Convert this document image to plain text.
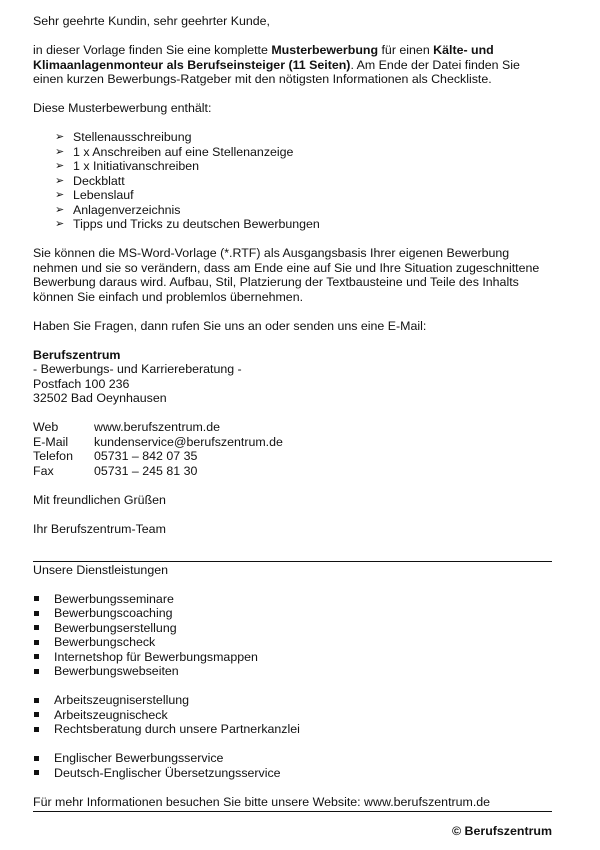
Sehr geehrte Kundin, sehr geehrter Kunde,

in dieser Vorlage finden Sie eine komplette Musterbewerbung für einen Kälte- und Klimaanlagenmonteur als Berufseinsteiger (11 Seiten). Am Ende der Datei finden Sie einen kurzen Bewerbungs-Ratgeber mit den nötigsten Informationen als Checkliste.

Diese Musterbewerbung enthält:

➢ Stellenausschreibung
➢ 1 x Anschreiben auf eine Stellenanzeige
➢ 1 x Initiativanschreiben
➢ Deckblatt
➢ Lebenslauf
➢ Anlagenverzeichnis
➢ Tipps und Tricks zu deutschen Bewerbungen

Sie können die MS-Word-Vorlage (*.RTF) als Ausgangsbasis Ihrer eigenen Bewerbung nehmen und sie so verändern, dass am Ende eine auf Sie und Ihre Situation zugeschnittene Bewerbung daraus wird. Aufbau, Stil, Platzierung der Textbausteine und Teile des Inhalts können Sie einfach und problemlos übernehmen.

Haben Sie Fragen, dann rufen Sie uns an oder senden uns eine E-Mail:

Berufszentrum

- Bewerbungs- und Karriereberatung -

Postfach 100 236

32502 Bad Oeynhausen

Web	www.berufszentrum.de
E-Mail	kundenservice@berufszentrum.de
Telefon	05731 – 842 07 35
Fax	05731 – 245 81 30

Mit freundlichen Grüßen

Ihr Berufszentrum-Team

Unsere Dienstleistungen

Bewerbungsseminare
Bewerbungscoaching
Bewerbungserstellung
Bewerbungscheck
Internetshop für Bewerbungsmappen
Bewerbungswebseiten
Arbeitszeugniserstellung
Arbeitszeugnischeck
Rechtsberatung durch unsere Partnerkanzlei
Englischer Bewerbungsservice
Deutsch-Englischer Übersetzungsservice

Für mehr Informationen besuchen Sie bitte unsere Website: www.berufszentrum.de

© Berufszentrum
